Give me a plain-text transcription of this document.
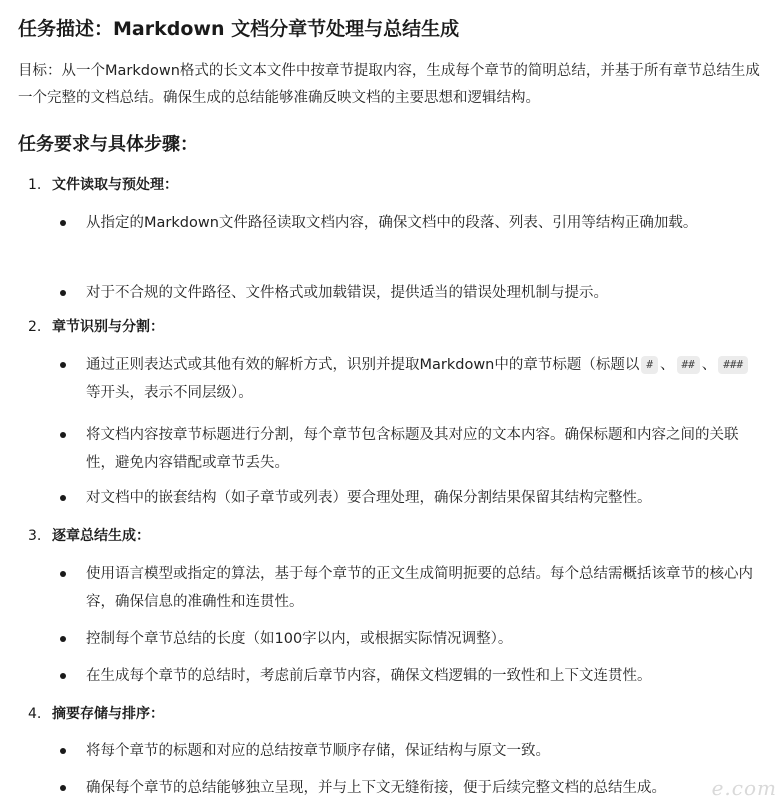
任务描述：Markdown 文档分章节处理与总结生成
目标：从一个Markdown格式的长文本文件中按章节提取内容，生成每个章节的简明总结，并基于所有章节总结生成一个完整的文档总结。确保生成的总结能够准确反映文档的主要思想和逻辑结构。
任务要求与具体步骤：
1. 文件读取与预处理：
从指定的Markdown文件路径读取文档内容，确保文档中的段落、列表、引用等结构正确加载。
对于不合规的文件路径、文件格式或加载错误，提供适当的错误处理机制与提示。
2. 章节识别与分割：
通过正则表达式或其他有效的解析方式，识别并提取Markdown中的章节标题（标题以 # 、 ## 、 ###等开头，表示不同层级）。
将文档内容按章节标题进行分割，每个章节包含标题及其对应的文本内容。确保标题和内容之间的关联性，避免内容错配或章节丢失。
对文档中的嵌套结构（如子章节或列表）要合理处理，确保分割结果保留其结构完整性。
3. 逐章总结生成：
使用语言模型或指定的算法，基于每个章节的正文生成简明扼要的总结。每个总结需概括该章节的核心内容，确保信息的准确性和连贯性。
控制每个章节总结的长度（如100字以内，或根据实际情况调整）。
在生成每个章节的总结时，考虑前后章节内容，确保文档逻辑的一致性和上下文连贯性。
4. 摘要存储与排序：
将每个章节的标题和对应的总结按章节顺序存储，保证结构与原文一致。
确保每个章节的总结能够独立呈现，并与上下文无缝衔接，便于后续完整文档的总结生成。	e.com
